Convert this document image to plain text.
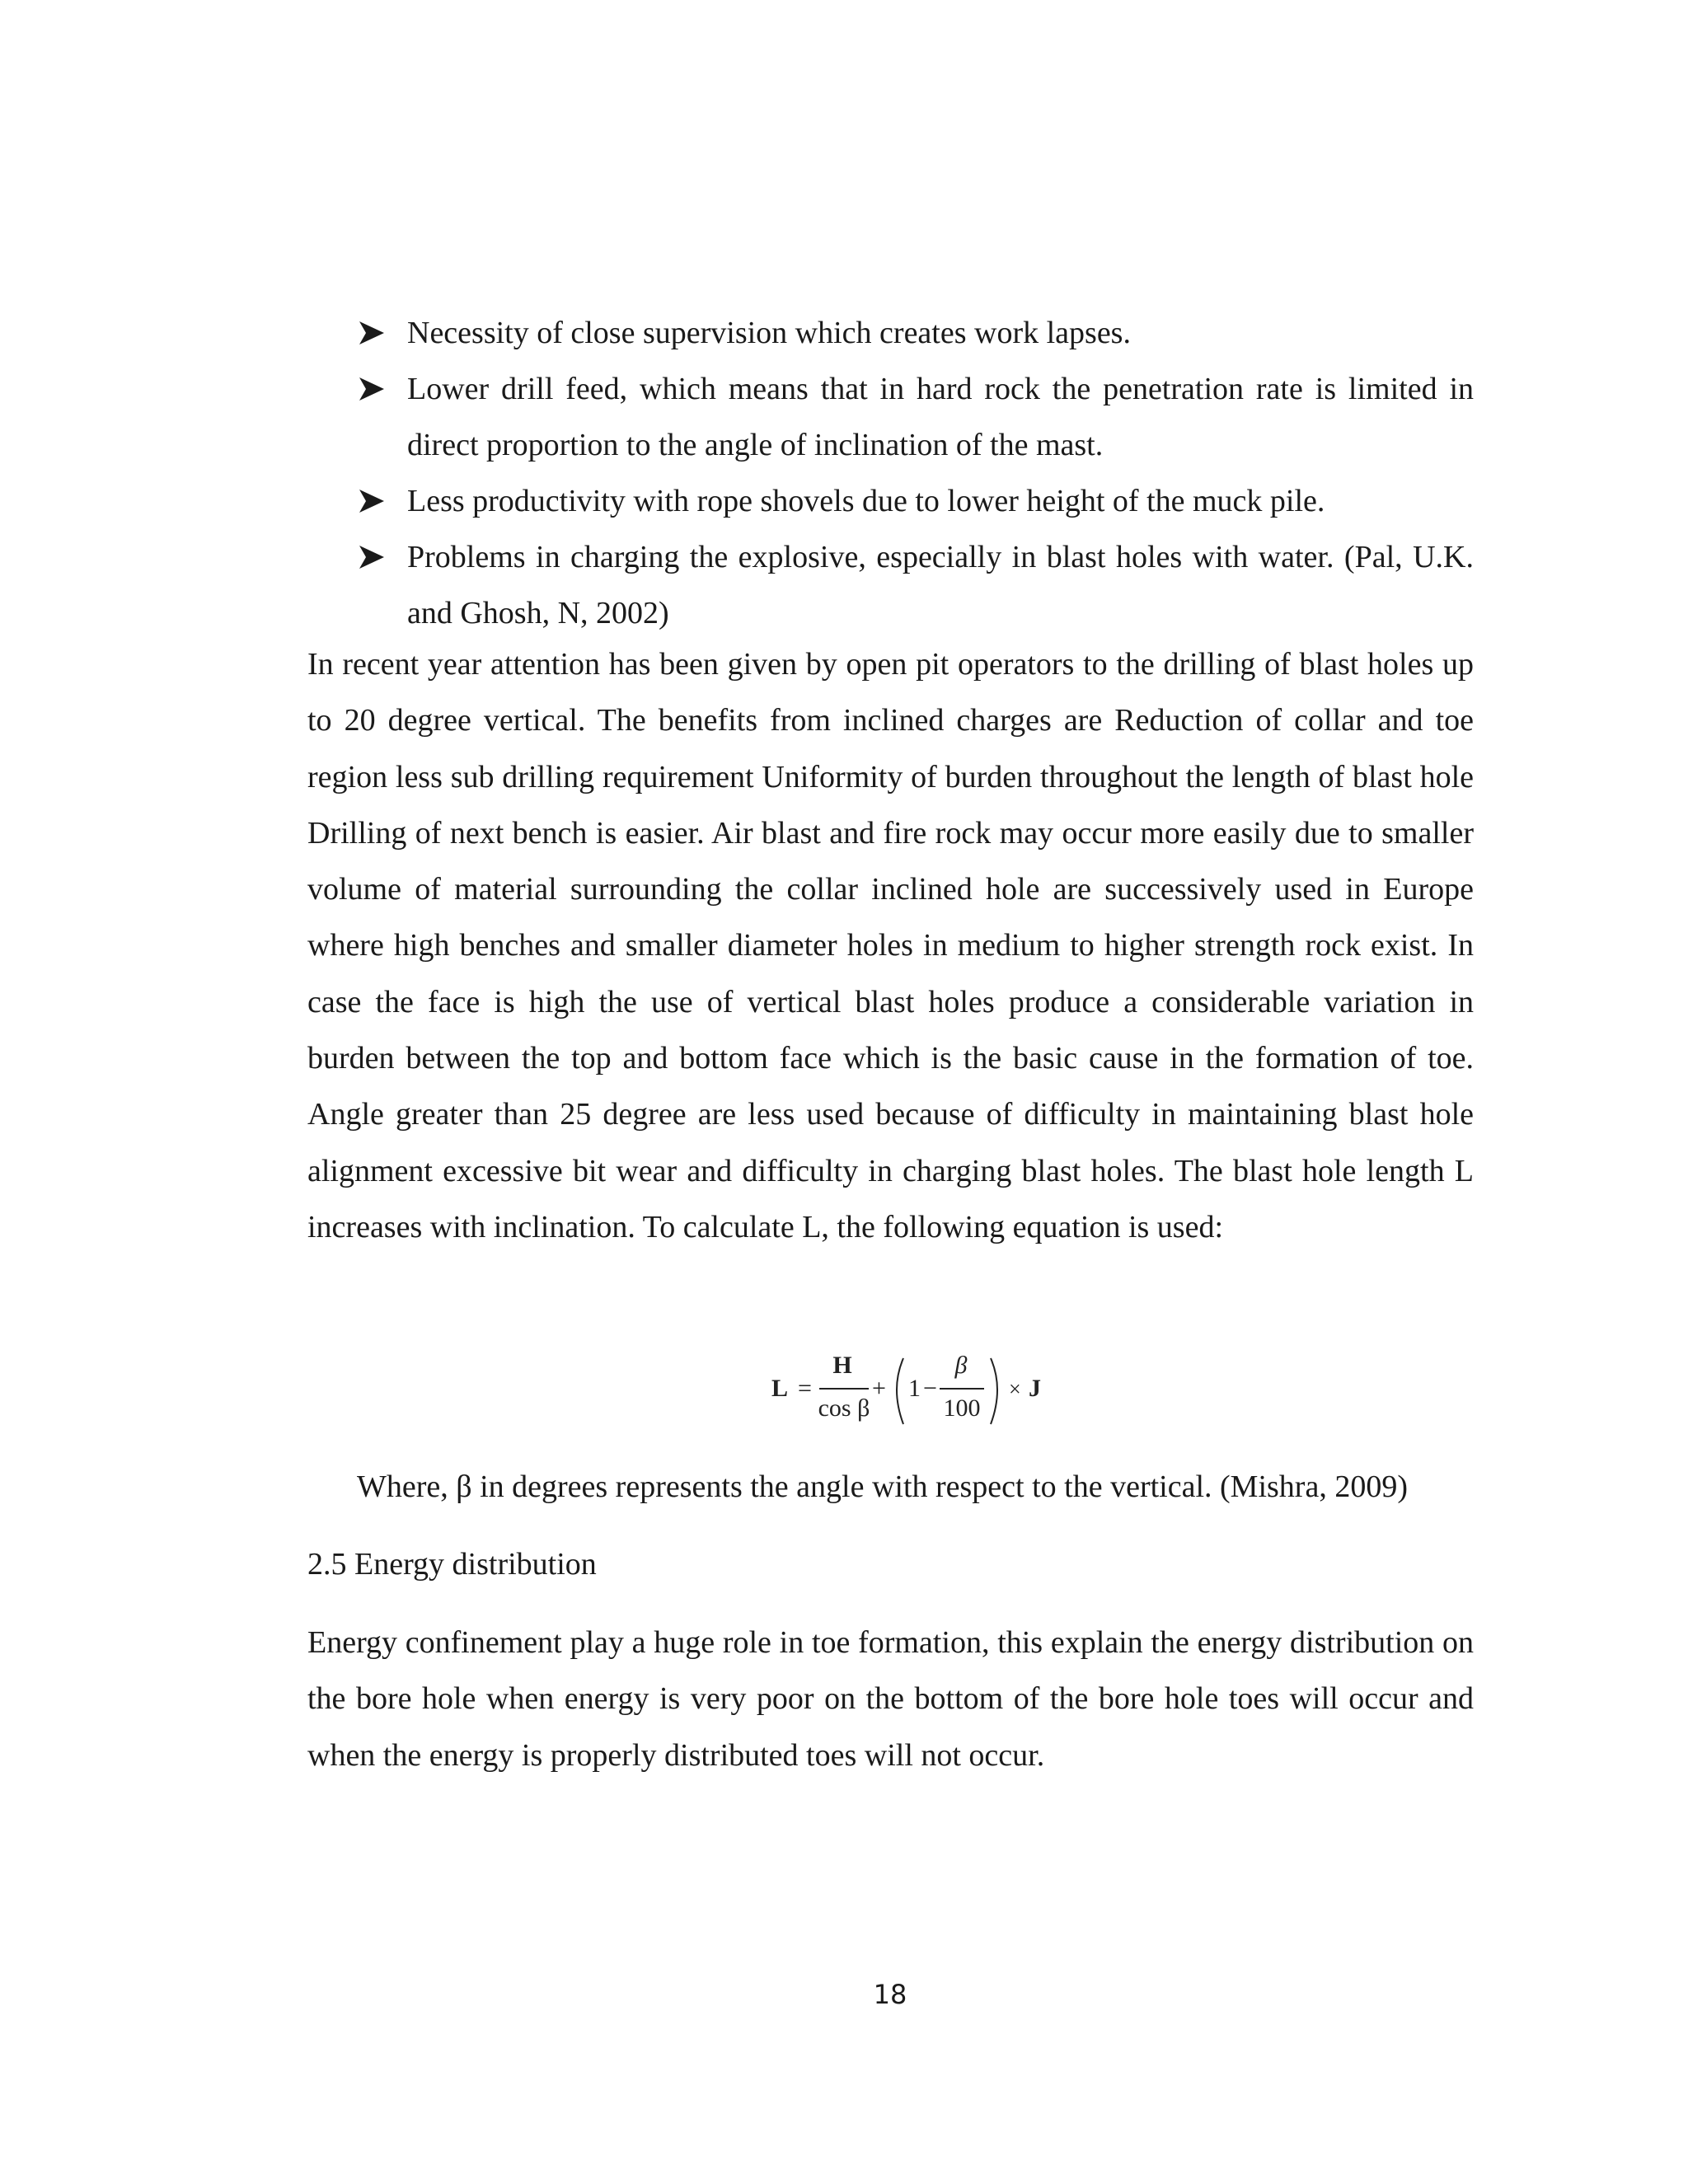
Necessity of close supervision which creates work lapses.
Lower drill feed, which means that in hard rock the penetration rate is limited in direct proportion to the angle of inclination of the mast.
Less productivity with rope shovels due to lower height of the muck pile.
Problems in charging the explosive, especially in blast holes with water. (Pal, U.K. and Ghosh, N, 2002)

In recent year attention has been given by open pit operators to the drilling of blast holes up to 20 degree vertical. The benefits from inclined charges are Reduction of collar and toe region less sub drilling requirement Uniformity of burden throughout the length of blast hole Drilling of next bench is easier. Air blast and fire rock may occur more easily due to smaller volume of material surrounding the collar inclined hole are successively used in Europe where high benches and smaller diameter holes in medium to higher strength rock exist. In case the face is high the use of vertical blast holes produce a considerable variation in burden between the top and bottom face which is the basic cause in the formation of toe. Angle greater than 25 degree are less used because of difficulty in maintaining blast hole alignment excessive bit wear and difficulty in charging blast holes. The blast hole length L increases with inclination. To calculate L, the following equation is used:

L =
H
cos β
+ 1 −
β
100
× J

Where, β in degrees represents the angle with respect to the vertical. (Mishra, 2009)

2.5 Energy distribution

Energy confinement play a huge role in toe formation, this explain the energy distribution on the bore hole when energy is very poor on the bottom of the bore hole toes will occur and when the energy is properly distributed toes will not occur.

18
